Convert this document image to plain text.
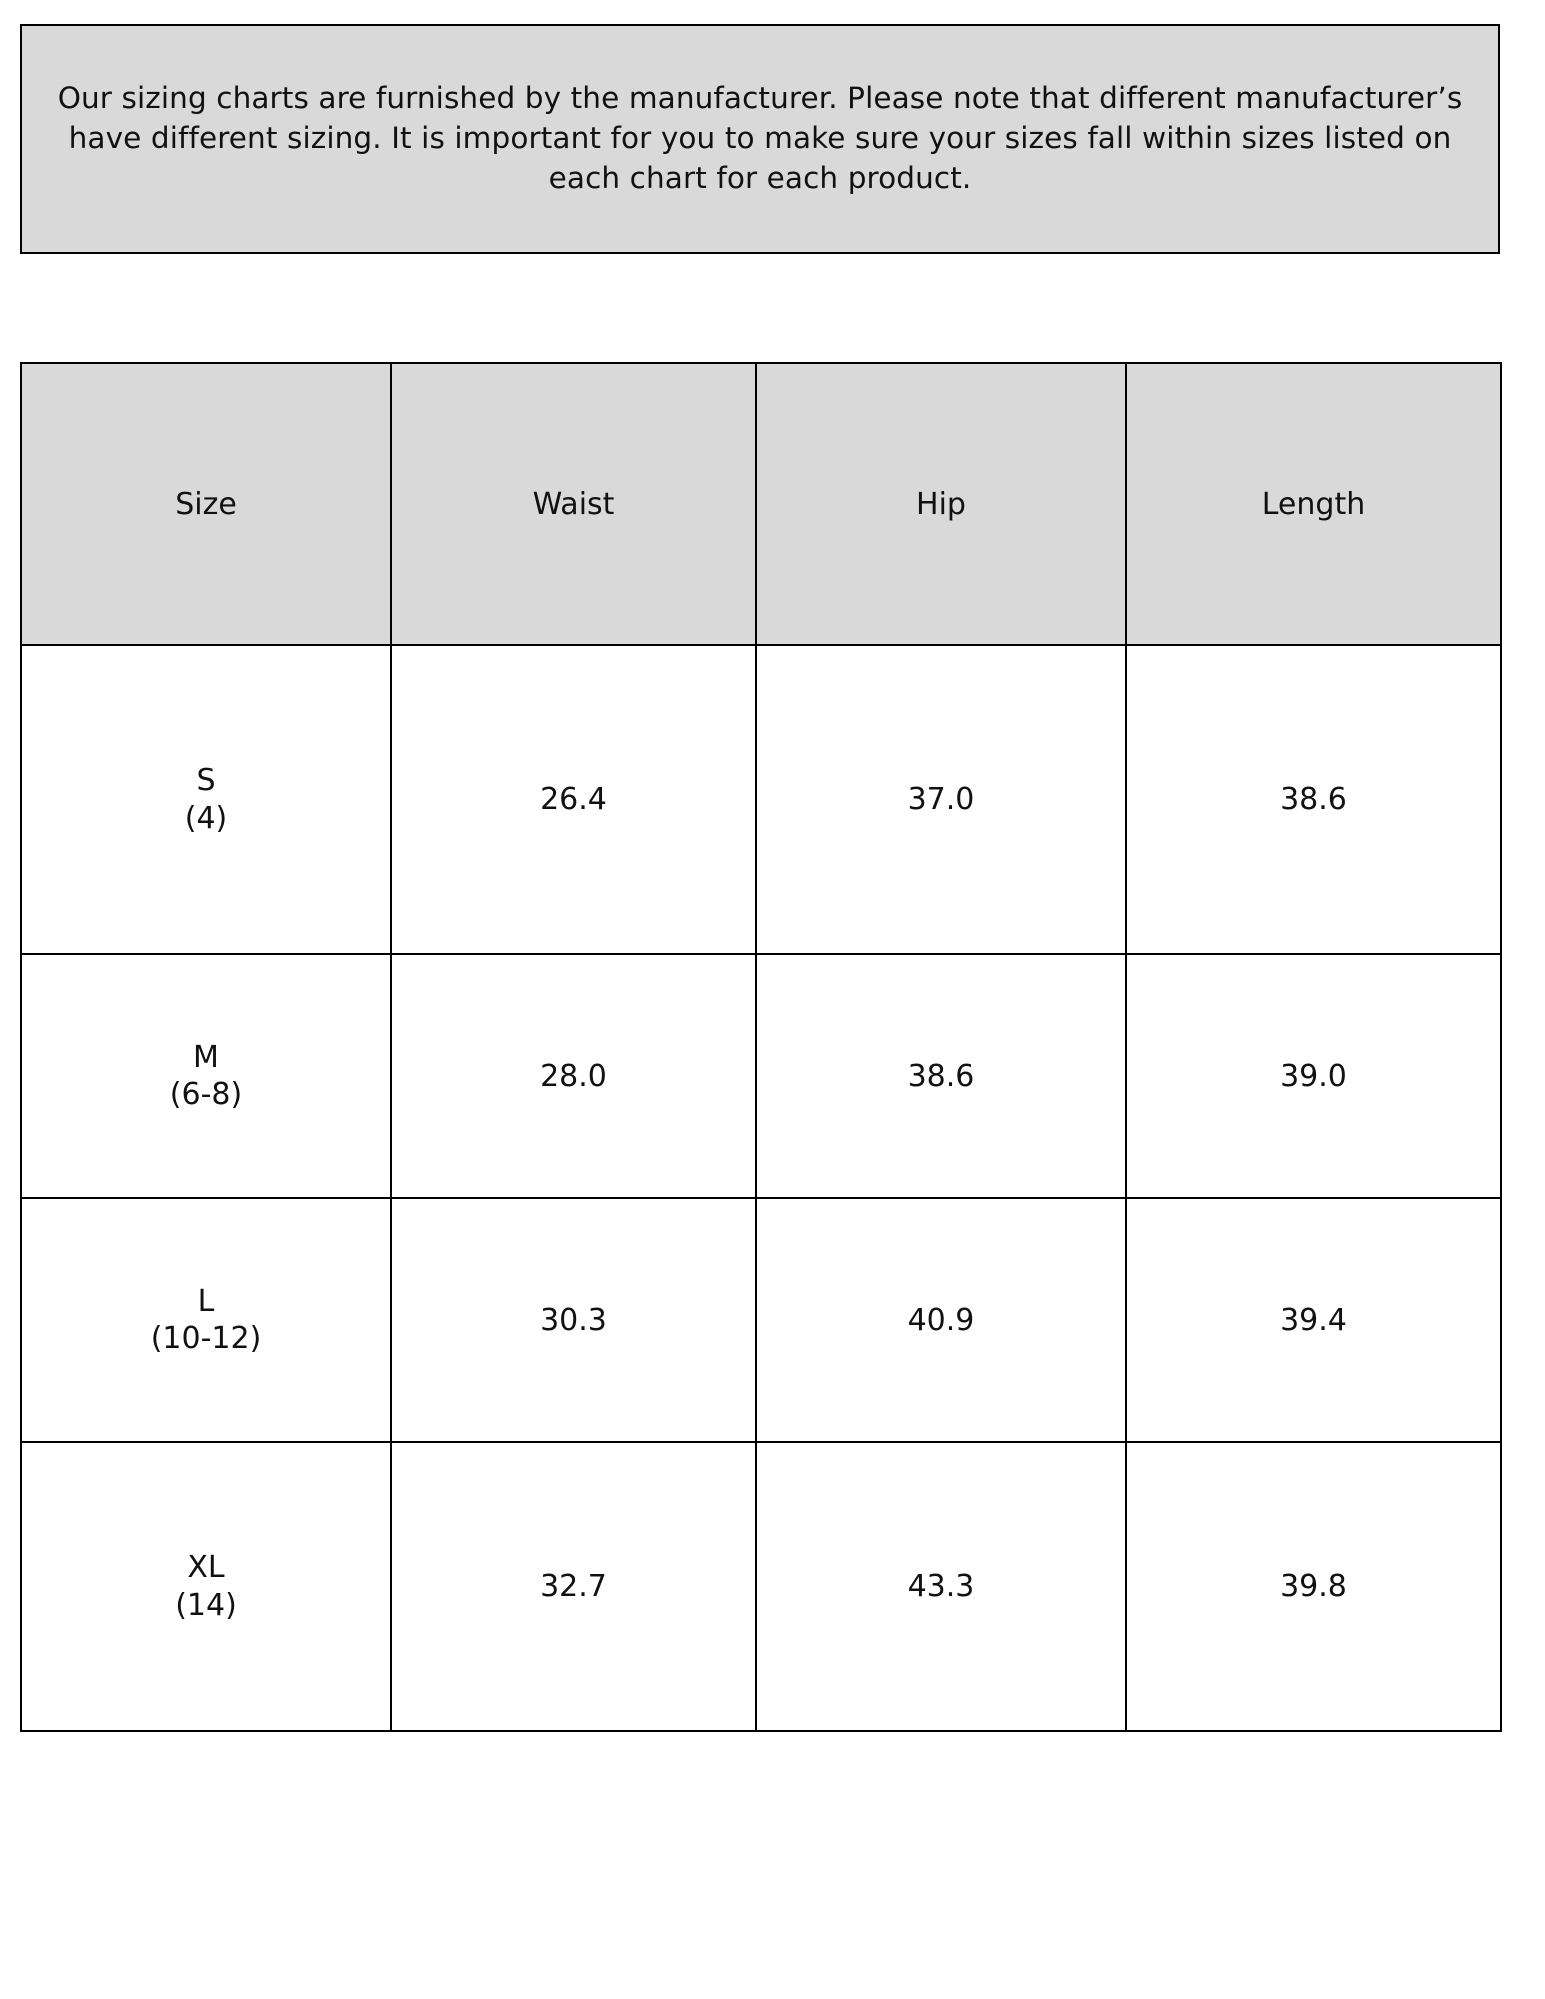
Our sizing charts are furnished by the manufacturer. Please note that different manufacturer’s have different sizing. It is important for you to make sure your sizes fall within sizes listed on each chart for each product.
Size	Waist	Hip	Length

S
(4)	26.4	37.0	38.6

M
(6-8)	28.0	38.6	39.0

L
(10-12)	30.3	40.9	39.4

XL
(14)	32.7	43.3	39.8
